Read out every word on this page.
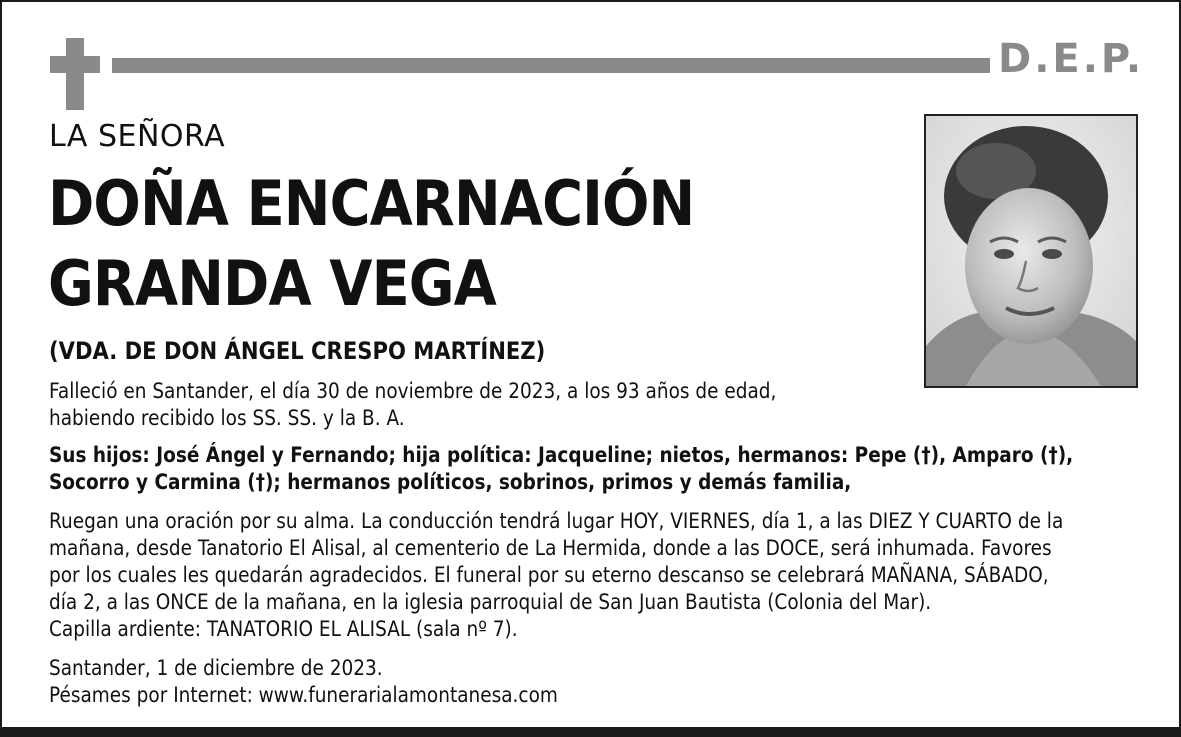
D.E.P.
LA SEÑORA
DOÑA ENCARNACIÓN
GRANDA VEGA
(VDA. DE DON ÁNGEL CRESPO MARTÍNEZ)
Falleció en Santander, el día 30 de noviembre de 2023, a los 93 años de edad,
habiendo recibido los SS. SS. y la B. A.
Sus hijos: José Ángel y Fernando; hija política: Jacqueline; nietos, hermanos: Pepe (†), Amparo (†),
Socorro y Carmina (†); hermanos políticos, sobrinos, primos y demás familia,
Ruegan una oración por su alma. La conducción tendrá lugar HOY, VIERNES, día 1, a las DIEZ Y CUARTO de la
mañana, desde Tanatorio El Alisal, al cementerio de La Hermida, donde a las DOCE, será inhumada. Favores
por los cuales les quedarán agradecidos. El funeral por su eterno descanso se celebrará MAÑANA, SÁBADO,
día 2, a las ONCE de la mañana, en la iglesia parroquial de San Juan Bautista (Colonia del Mar).
Capilla ardiente: TANATORIO EL ALISAL (sala nº 7).
Santander, 1 de diciembre de 2023.
Pésames por Internet: www.funerarialamontanesa.com
